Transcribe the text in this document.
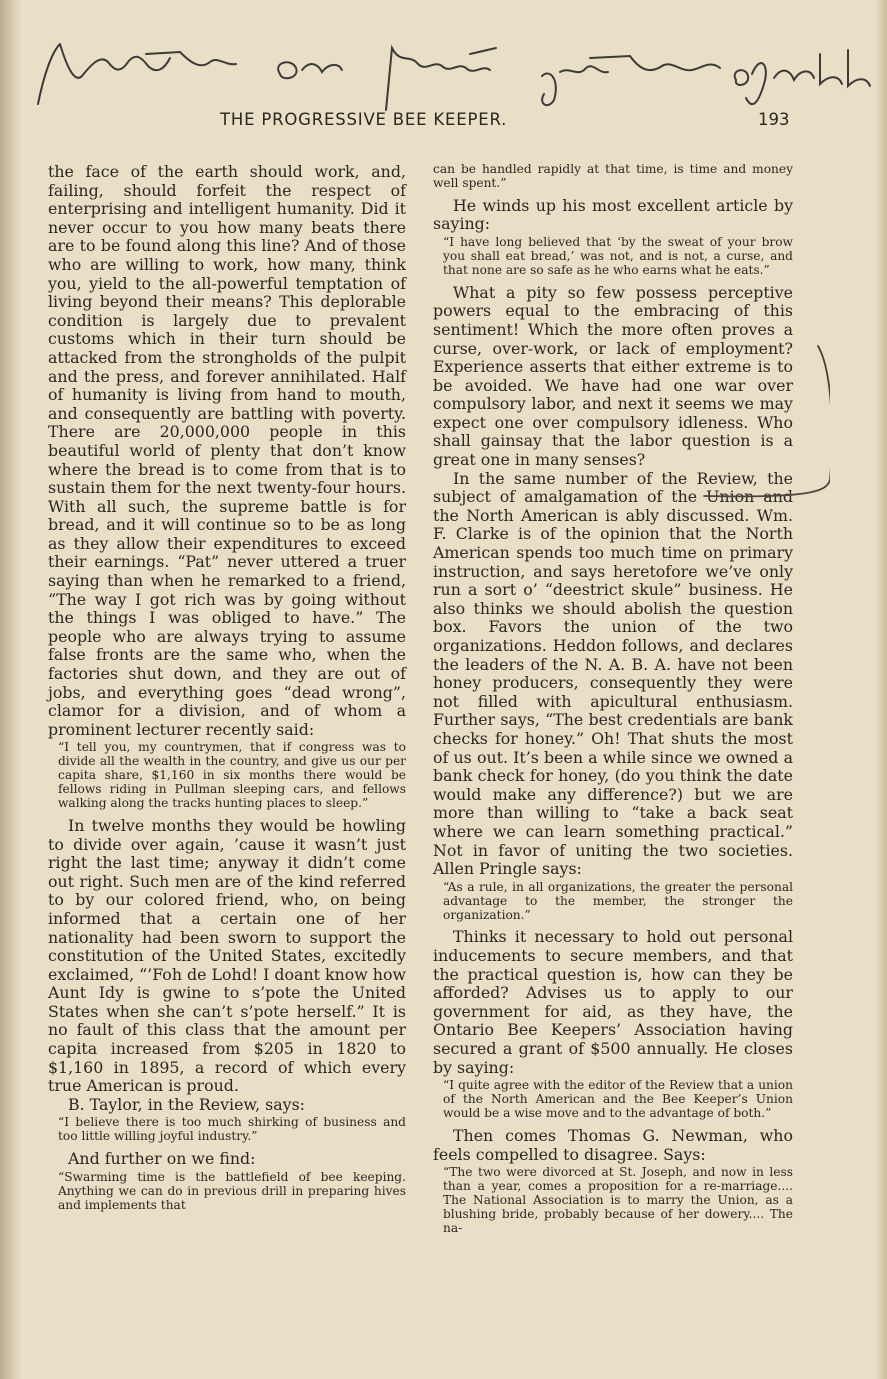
THE PROGRESSIVE BEE KEEPER.	193

the face of the earth should work, and, failing, should forfeit the respect of enterprising and intelligent humanity. Did it never occur to you how many beats there are to be found along this line? And of those who are willing to work, how many, think you, yield to the all-powerful temptation of living beyond their means? This deplorable condition is largely due to prevalent customs which in their turn should be attacked from the strongholds of the pulpit and the press, and forever annihilated. Half of humanity is living from hand to mouth, and consequently are battling with poverty. There are 20,000,000 people in this beautiful world of plenty that don’t know where the bread is to come from that is to sustain them for the next twenty-four hours. With all such, the supreme battle is for bread, and it will continue so to be as long as they allow their expenditures to exceed their earnings. “Pat” never uttered a truer saying than when he remarked to a friend, “The way I got rich was by going without the things I was obliged to have.” The people who are always trying to assume false fronts are the same who, when the factories shut down, and they are out of jobs, and everything goes “dead wrong”, clamor for a division, and of whom a prominent lecturer recently said:

“I tell you, my countrymen, that if congress was to divide all the wealth in the country, and give us our per capita share, $1,160 in six months there would be fellows riding in Pullman sleeping cars, and fellows walking along the tracks hunting places to sleep.”

In twelve months they would be howling to divide over again, ’cause it wasn’t just right the last time; anyway it didn’t come out right. Such men are of the kind referred to by our colored friend, who, on being informed that a certain one of her nationality had been sworn to support the constitution of the United States, excitedly exclaimed, “’Foh de Lohd! I doant know how Aunt Idy is gwine to s’pote the United States when she can’t s’pote herself.” It is no fault of this class that the amount per capita increased from $205 in 1820 to $1,160 in 1895, a record of which every true American is proud.

B. Taylor, in the Review, says:

“I believe there is too much shirking of business and too little willing joyful industry.”

And further on we find:

“Swarming time is the battlefield of bee keeping. Anything we can do in previous drill in preparing hives and implements that

can be handled rapidly at that time, is time and money well spent.”

He winds up his most excellent article by saying:

“I have long believed that ‘by the sweat of your brow you shall eat bread,’ was not, and is not, a curse, and that none are so safe as he who earns what he eats.”

What a pity so few possess perceptive powers equal to the embracing of this sentiment! Which the more often proves a curse, over-work, or lack of employment? Experience asserts that either extreme is to be avoided. We have had one war over compulsory labor, and next it seems we may expect one over compulsory idleness. Who shall gainsay that the labor question is a great one in many senses?

In the same number of the Review, the subject of amalgamation of the Union and the North American is ably discussed. Wm. F. Clarke is of the opinion that the North American spends too much time on primary instruction, and says heretofore we’ve only run a sort o’ “deestrict skule” business. He also thinks we should abolish the question box. Favors the union of the two organizations. Heddon follows, and declares the leaders of the N. A. B. A. have not been honey producers, consequently they were not filled with apicultural enthusiasm. Further says, “The best credentials are bank checks for honey.” Oh! That shuts the most of us out. It’s been a while since we owned a bank check for honey, (do you think the date would make any difference?) but we are more than willing to “take a back seat where we can learn something practical.” Not in favor of uniting the two societies. Allen Pringle says:

“As a rule, in all organizations, the greater the personal advantage to the member, the stronger the organization.”

Thinks it necessary to hold out personal inducements to secure members, and that the practical question is, how can they be afforded? Advises us to apply to our government for aid, as they have, the Ontario Bee Keepers’ Association having secured a grant of $500 annually. He closes by saying:

“I quite agree with the editor of the Review that a union of the North American and the Bee Keeper’s Union would be a wise move and to the advantage of both.”

Then comes Thomas G. Newman, who feels compelled to disagree. Says:

“The two were divorced at St. Joseph, and now in less than a year, comes a proposition for a re-marriage.... The National Association is to marry the Union, as a blushing bride, probably because of her dowery.... The na-
